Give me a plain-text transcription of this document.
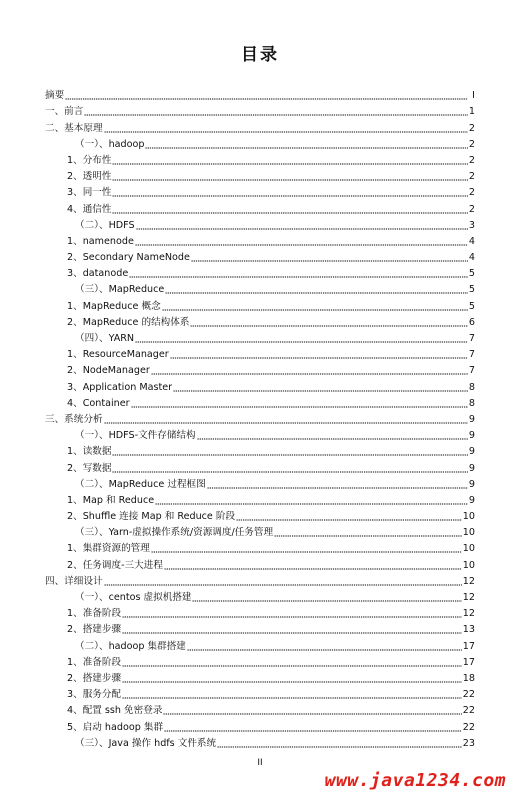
目录
摘要	I
一、前言	1
二、基本原理	2
（一）、hadoop	2
1、分布性	2
2、透明性	2
3、同一性	2
4、通信性	2
（二）、HDFS	3
1、namenode	4
2、Secondary NameNode	4
3、datanode	5
（三）、MapReduce	5
1、MapReduce 概念	5
2、MapReduce 的结构体系	6
（四）、YARN	7
1、ResourceManager	7
2、NodeManager	7
3、Application Master	8
4、Container	8
三、系统分析	9
（一）、HDFS-文件存储结构	9
1、读数据	9
2、写数据	9
（二）、MapReduce 过程框图	9
1、Map 和 Reduce	9
2、Shuffle 连接 Map 和 Reduce 阶段	10
（三）、Yarn-虚拟操作系统/资源调度/任务管理	10
1、集群资源的管理	10
2、任务调度-三大进程	10
四、详细设计	12
（一）、centos 虚拟机搭建	12
1、准备阶段	12
2、搭建步骤	13
（二）、hadoop 集群搭建	17
1、准备阶段	17
2、搭建步骤	18
3、服务分配	22
4、配置 ssh 免密登录	22
5、启动 hadoop 集群	22
（三）、Java 操作 hdfs 文件系统	23
II
www.java1234.com
